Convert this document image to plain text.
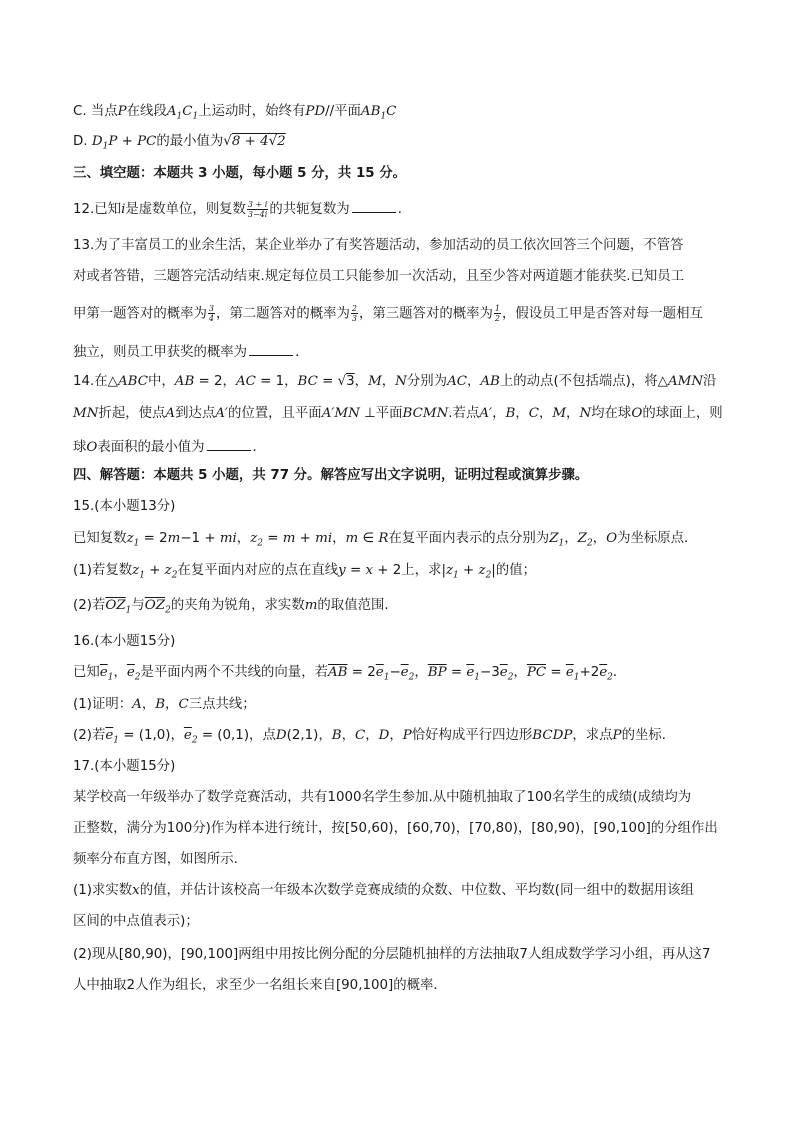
C. 当点P在线段$A_1C_1$上运动时，始终有PD//平面$AB_1C$
D. $D_1P$ + PC的最小值为√8 + 4√2
三、填空题：本题共 3 小题，每小题 5 分，共 15 分。
12.已知i是虚数单位，则复数 $\frac{3 + i}{3-4i}$ 的共轭复数为	．
13.为了丰富员工的业余生活，某企业举办了有奖答题活动，参加活动的员工依次回答三个问题，不管答
对或者答错，三题答完活动结束.规定每位员工只能参加一次活动，且至少答对两道题才能获奖.已知员工
甲第一题答对的概率为 $\frac{3}{4}$ ，第二题答对的概率为 $\frac{2}{3}$ ，第三题答对的概率为 $\frac{1}{2}$ ，假设员工甲是否答对每一题相互
独立，则员工甲获奖的概率为	．
14.在△ABC中，AB = 2，AC = 1，BC = √3，M，N分别为AC，AB上的动点(不包括端点)，将△AMN沿
MN折起，使点A到达点A′的位置，且平面A′MN ⊥平面BCMN.若点A′，B，C，M，N均在球O的球面上，则
球O表面积的最小值为	．
四、解答题：本题共 5 小题，共 77 分。解答应写出文字说明，证明过程或演算步骤。
15.(本小题13分)
已知复数$z_1 = 2m-1$ + mi，$z_2 = m$ + mi，m ∈ R在复平面内表示的点分别为$Z_1$，$Z_2$，O为坐标原点．
(1)若复数$z_1 + z_2$在复平面内对应的点在直线y = x + 2上，求$|z_1 + z_2|$的值；
(2)若$\overline{OZ}_1$与$\overline{OZ}_2$的夹角为锐角，求实数m的取值范围．
16.(本小题15分)
已知$\overline{e}_1$，$\overline{e}_2$是平面内两个不共线的向量，若$\overline{AB} = 2\overline{e}_1-\overline{e}_2$，$\overline{BP} = \overline{e}_1-3\overline{e}_2$，$\overline{PC} = \overline{e}_1+2\overline{e}_2$．
(1)证明：A，B，C三点共线；
(2)若$\overline{e}_1 = (1,0)$，$\overline{e}_2 = (0,1)$，点D(2,1)，B，C，D，P恰好构成平行四边形BCDP，求点P的坐标．
17.(本小题15分)
某学校高一年级举办了数学竞赛活动，共有1000名学生参加.从中随机抽取了100名学生的成绩(成绩均为
正整数，满分为100分)作为样本进行统计，按[50,60)，[60,70)，[70,80)，[80,90)，[90,100]的分组作出
频率分布直方图，如图所示．
(1)求实数x的值，并估计该校高一年级本次数学竞赛成绩的众数、中位数、平均数(同一组中的数据用该组
区间的中点值表示)；
(2)现从[80,90)，[90,100]两组中用按比例分配的分层随机抽样的方法抽取7人组成数学学习小组，再从这7
人中抽取2人作为组长，求至少一名组长来自[90,100]的概率．
